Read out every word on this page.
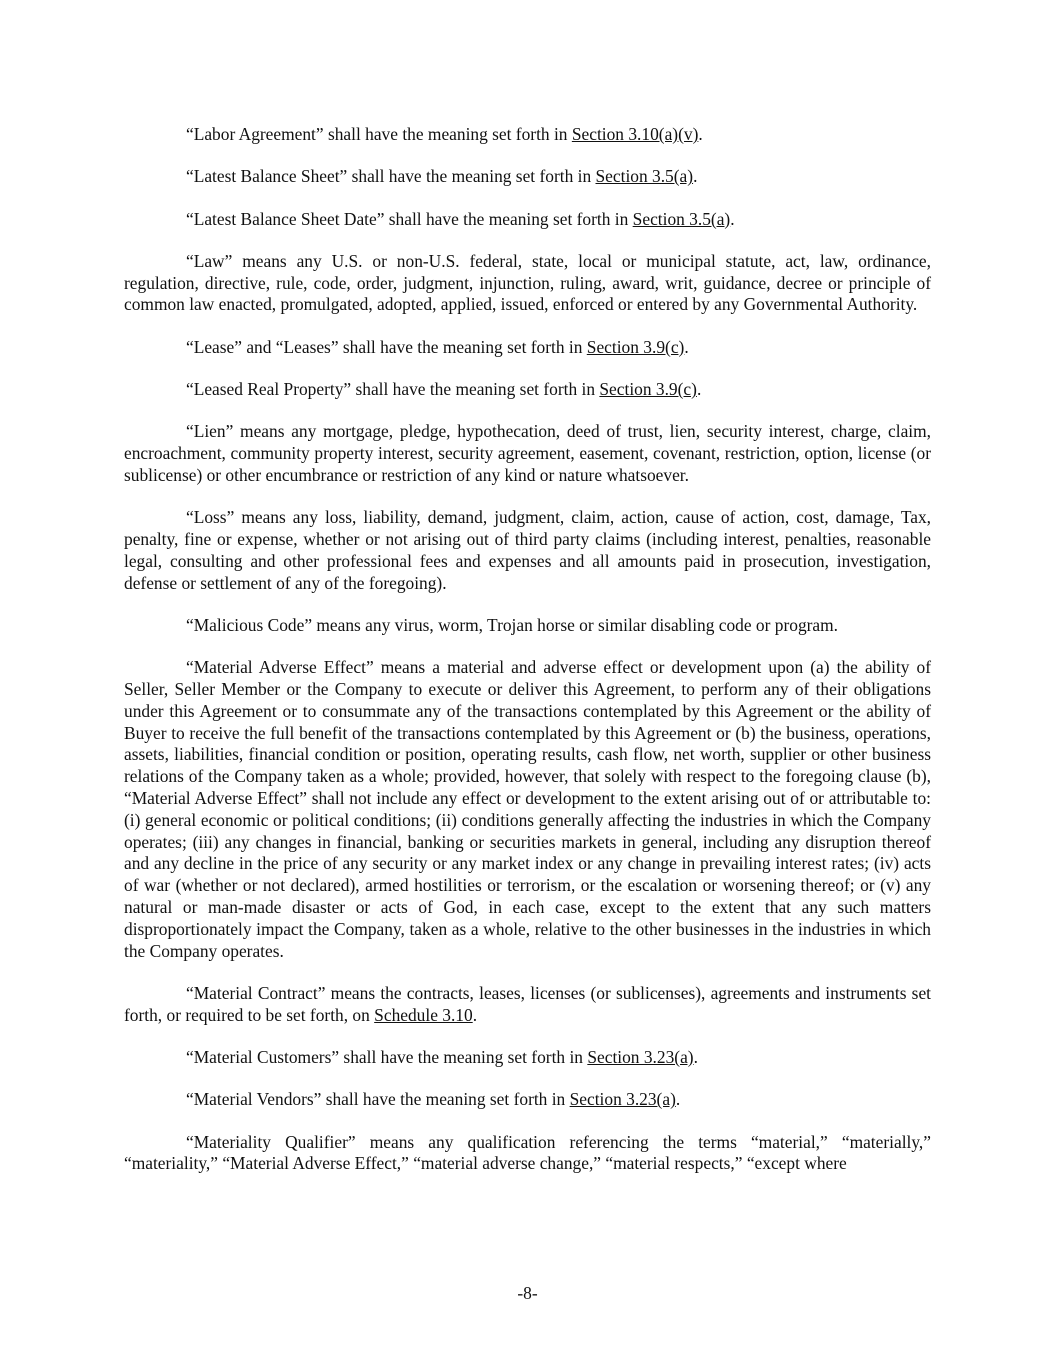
“Labor Agreement” shall have the meaning set forth in Section 3.10(a)(v).

“Latest Balance Sheet” shall have the meaning set forth in Section 3.5(a).

“Latest Balance Sheet Date” shall have the meaning set forth in Section 3.5(a).

“Law” means any U.S. or non-U.S. federal, state, local or municipal statute, act, law, ordinance, regulation, directive, rule, code, order, judgment, injunction, ruling, award, writ, guidance, decree or principle of common law enacted, promulgated, adopted, applied, issued, enforced or entered by any Governmental Authority.

“Lease” and “Leases” shall have the meaning set forth in Section 3.9(c).

“Leased Real Property” shall have the meaning set forth in Section 3.9(c).

“Lien” means any mortgage, pledge, hypothecation, deed of trust, lien, security interest, charge, claim, encroachment, community property interest, security agreement, easement, covenant, restriction, option, license (or sublicense) or other encumbrance or restriction of any kind or nature whatsoever.

“Loss” means any loss, liability, demand, judgment, claim, action, cause of action, cost, damage, Tax, penalty, fine or expense, whether or not arising out of third party claims (including interest, penalties, reasonable legal, consulting and other professional fees and expenses and all amounts paid in prosecution, investigation, defense or settlement of any of the foregoing).

“Malicious Code” means any virus, worm, Trojan horse or similar disabling code or program.

“Material Adverse Effect” means a material and adverse effect or development upon (a) the ability of Seller, Seller Member or the Company to execute or deliver this Agreement, to perform any of their obligations under this Agreement or to consummate any of the transactions contemplated by this Agreement or the ability of Buyer to receive the full benefit of the transactions contemplated by this Agreement or (b) the business, operations, assets, liabilities, financial condition or position, operating results, cash flow, net worth, supplier or other business relations of the Company taken as a whole; provided, however, that solely with respect to the foregoing clause (b), “Material Adverse Effect” shall not include any effect or development to the extent arising out of or attributable to: (i) general economic or political conditions; (ii) conditions generally affecting the industries in which the Company operates; (iii) any changes in financial, banking or securities markets in general, including any disruption thereof and any decline in the price of any security or any market index or any change in prevailing interest rates; (iv) acts of war (whether or not declared), armed hostilities or terrorism, or the escalation or worsening thereof; or (v) any natural or man-made disaster or acts of God, in each case, except to the extent that any such matters disproportionately impact the Company, taken as a whole, relative to the other businesses in the industries in which the Company operates.

“Material Contract” means the contracts, leases, licenses (or sublicenses), agreements and instruments set forth, or required to be set forth, on Schedule 3.10.

“Material Customers” shall have the meaning set forth in Section 3.23(a).

“Material Vendors” shall have the meaning set forth in Section 3.23(a).

“Materiality Qualifier” means any qualification referencing the terms “material,” “materially,” “materiality,” “Material Adverse Effect,” “material adverse change,” “material respects,” “except where

-8-
